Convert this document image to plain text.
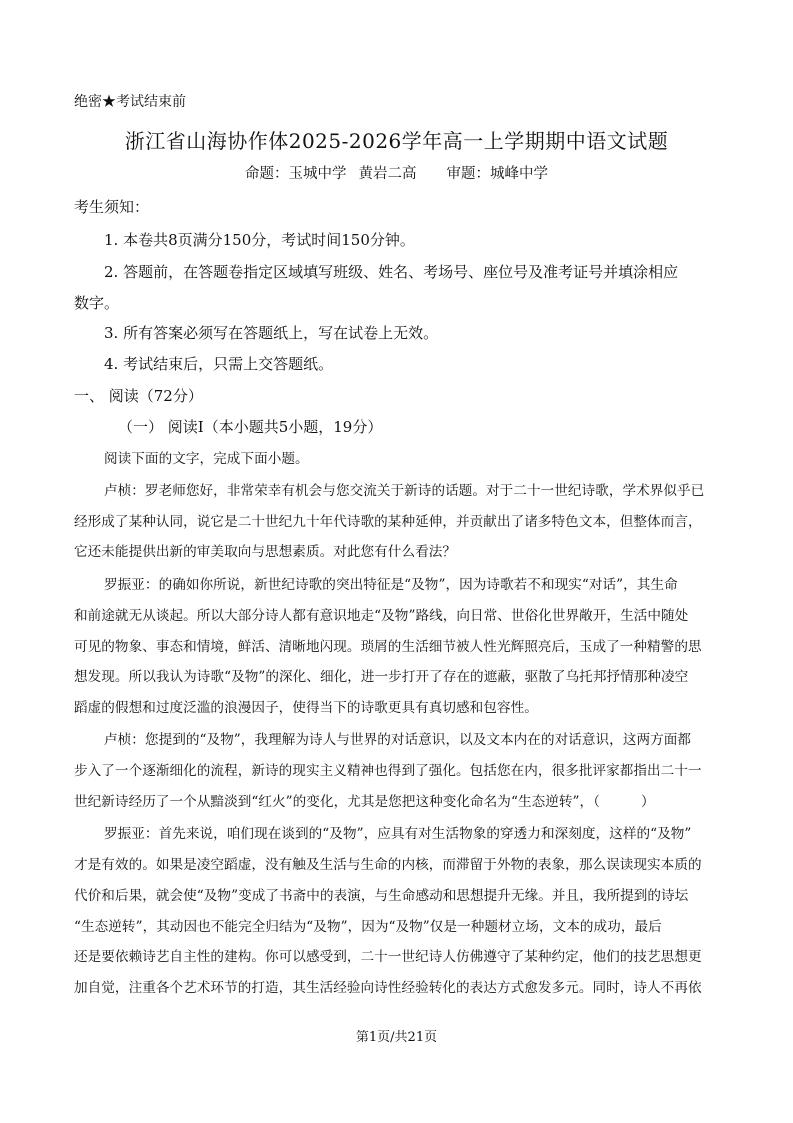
绝密★考试结束前
浙江省山海协作体2025-2026学年高一上学期期中语文试题
命题：玉城中学 黄岩二高 审题：城峰中学
考生须知：
1. 本卷共8页满分150分，考试时间150分钟。
2. 答题前，在答题卷指定区域填写班级、姓名、考场号、座位号及准考证号并填涂相应
数字。
3. 所有答案必须写在答题纸上，写在试卷上无效。
4. 考试结束后，只需上交答题纸。
一、 阅读（72分）
（一） 阅读Ⅰ（本小题共5小题，19分）
阅读下面的文字，完成下面小题。
卢桢：罗老师您好，非常荣幸有机会与您交流关于新诗的话题。对于二十一世纪诗歌，学术界似乎已
经形成了某种认同，说它是二十世纪九十年代诗歌的某种延伸，并贡献出了诸多特色文本，但整体而言，
它还未能提供出新的审美取向与思想素质。对此您有什么看法？
罗振亚：的确如你所说，新世纪诗歌的突出特征是“及物”，因为诗歌若不和现实“对话”，其生命
和前途就无从谈起。所以大部分诗人都有意识地走“及物”路线，向日常、世俗化世界敞开，生活中随处
可见的物象、事态和情境，鲜活、清晰地闪现。琐屑的生活细节被人性光辉照亮后，玉成了一种精警的思
想发现。所以我认为诗歌“及物”的深化、细化，进一步打开了存在的遮蔽，驱散了乌托邦抒情那种凌空
蹈虚的假想和过度泛滥的浪漫因子，使得当下的诗歌更具有真切感和包容性。
卢桢：您提到的“及物”，我理解为诗人与世界的对话意识，以及文本内在的对话意识，这两方面都
步入了一个逐渐细化的流程，新诗的现实主义精神也得到了强化。包括您在内，很多批评家都指出二十一
世纪新诗经历了一个从黯淡到“红火”的变化，尤其是您把这种变化命名为“生态逆转”，（　　　）
罗振亚：首先来说，咱们现在谈到的“及物”，应具有对生活物象的穿透力和深刻度，这样的“及物”
才是有效的。如果是凌空蹈虚，没有触及生活与生命的内核，而滞留于外物的表象，那么误读现实本质的
代价和后果，就会使“及物”变成了书斋中的表演，与生命感动和思想提升无缘。并且，我所提到的诗坛
“生态逆转”，其动因也不能完全归结为“及物”，因为“及物”仅是一种题材立场，文本的成功，最后
还是要依赖诗艺自主性的建构。你可以感受到，二十一世纪诗人仿佛遵守了某种约定，他们的技艺思想更
加自觉，注重各个艺术环节的打造，其生活经验向诗性经验转化的表达方式愈发多元。同时，诗人不再依
第1页/共21页
